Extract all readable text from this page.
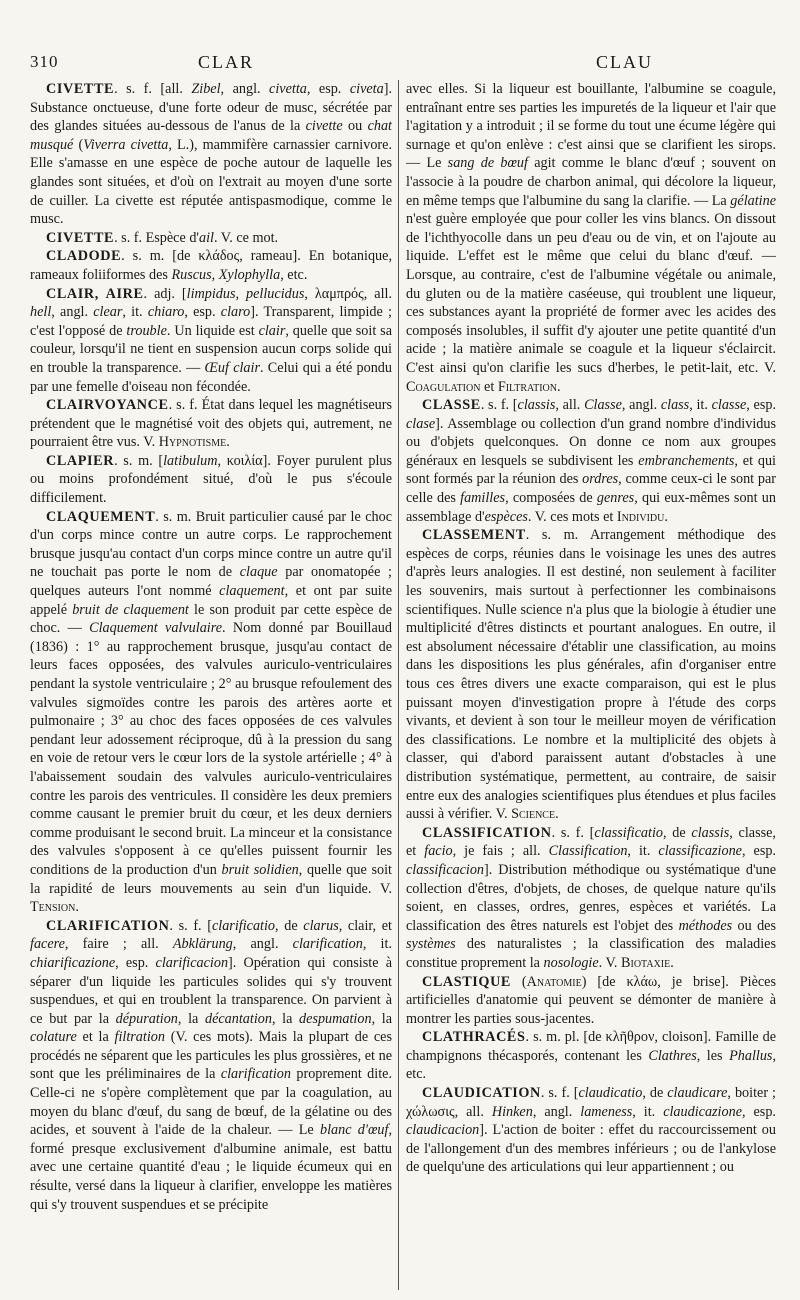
310	CLAR	CLAU

CIVETTE. s. f. [all. Zibel, angl. civetta, esp. civeta]. Substance onctueuse, d'une forte odeur de musc, sécrétée par des glandes situées au-dessous de l'anus de la civette ou chat musqué (Viverra civetta, L.), mammifère carnassier carnivore. Elle s'amasse en une espèce de poche autour de laquelle les glandes sont situées, et d'où on l'extrait au moyen d'une sorte de cuiller. La civette est réputée antispasmodique, comme le musc.

CIVETTE. s. f. Espèce d'ail. V. ce mot.

CLADODE. s. m. [de κλάδος, rameau]. En botanique, rameaux foliiformes des Ruscus, Xylophylla, etc.

CLAIR, AIRE. adj. [limpidus, pellucidus, λαμπρός, all. hell, angl. clear, it. chiaro, esp. claro]. Transparent, limpide ; c'est l'opposé de trouble. Un liquide est clair, quelle que soit sa couleur, lorsqu'il ne tient en suspension aucun corps solide qui en trouble la transparence. — Œuf clair. Celui qui a été pondu par une femelle d'oiseau non fécondée.

CLAIRVOYANCE. s. f. État dans lequel les magnétiseurs prétendent que le magnétisé voit des objets qui, autrement, ne pourraient être vus. V. Hypnotisme.

CLAPIER. s. m. [latibulum, κοιλία]. Foyer purulent plus ou moins profondément situé, d'où le pus s'écoule difficilement.

CLAQUEMENT. s. m. Bruit particulier causé par le choc d'un corps mince contre un autre corps. Le rapprochement brusque jusqu'au contact d'un corps mince contre un autre qu'il ne touchait pas porte le nom de claque par onomatopée ; quelques auteurs l'ont nommé claquement, et ont par suite appelé bruit de claquement le son produit par cette espèce de choc. — Claquement valvulaire. Nom donné par Bouillaud (1836) : 1° au rapprochement brusque, jusqu'au contact de leurs faces opposées, des valvules auriculo-ventriculaires pendant la systole ventriculaire ; 2° au brusque refoulement des valvules sigmoïdes contre les parois des artères aorte et pulmonaire ; 3° au choc des faces opposées de ces valvules pendant leur adossement réciproque, dû à la pression du sang en voie de retour vers le cœur lors de la systole artérielle ; 4° à l'abaissement soudain des valvules auriculo-ventriculaires contre les parois des ventricules. Il considère les deux premiers comme causant le premier bruit du cœur, et les deux derniers comme produisant le second bruit. La minceur et la consistance des valvules s'opposent à ce qu'elles puissent fournir les conditions de la production d'un bruit solidien, quelle que soit la rapidité de leurs mouvements au sein d'un liquide. V. Tension.

CLARIFICATION. s. f. [clarificatio, de clarus, clair, et facere, faire ; all. Abklärung, angl. clarification, it. chiarificazione, esp. clarificacion]. Opération qui consiste à séparer d'un liquide les particules solides qui s'y trouvent suspendues, et qui en troublent la transparence. On parvient à ce but par la dépuration, la décantation, la despumation, la colature et la filtration (V. ces mots). Mais la plupart de ces procédés ne séparent que les particules les plus grossières, et ne sont que les préliminaires de la clarification proprement dite. Celle-ci ne s'opère complètement que par la coagulation, au moyen du blanc d'œuf, du sang de bœuf, de la gélatine ou des acides, et souvent à l'aide de la chaleur. — Le blanc d'œuf, formé presque exclusivement d'albumine animale, est battu avec une certaine quantité d'eau ; le liquide écumeux qui en résulte, versé dans la liqueur à clarifier, enveloppe les matières qui s'y trouvent suspendues et se précipite

avec elles. Si la liqueur est bouillante, l'albumine se coagule, entraînant entre ses parties les impuretés de la liqueur et l'air que l'agitation y a introduit ; il se forme du tout une écume légère qui surnage et qu'on enlève : c'est ainsi que se clarifient les sirops. — Le sang de bœuf agit comme le blanc d'œuf ; souvent on l'associe à la poudre de charbon animal, qui décolore la liqueur, en même temps que l'albumine du sang la clarifie. — La gélatine n'est guère employée que pour coller les vins blancs. On dissout de l'ichthyocolle dans un peu d'eau ou de vin, et on l'ajoute au liquide. L'effet est le même que celui du blanc d'œuf. — Lorsque, au contraire, c'est de l'albumine végétale ou animale, du gluten ou de la matière caséeuse, qui troublent une liqueur, ces substances ayant la propriété de former avec les acides des composés insolubles, il suffit d'y ajouter une petite quantité d'un acide ; la matière animale se coagule et la liqueur s'éclaircit. C'est ainsi qu'on clarifie les sucs d'herbes, le petit-lait, etc. V. Coagulation et Filtration.

CLASSE. s. f. [classis, all. Classe, angl. class, it. classe, esp. clase]. Assemblage ou collection d'un grand nombre d'individus ou d'objets quelconques. On donne ce nom aux groupes généraux en lesquels se subdivisent les embranchements, et qui sont formés par la réunion des ordres, comme ceux-ci le sont par celle des familles, composées de genres, qui eux-mêmes sont un assemblage d'espèces. V. ces mots et Individu.

CLASSEMENT. s. m. Arrangement méthodique des espèces de corps, réunies dans le voisinage les unes des autres d'après leurs analogies. Il est destiné, non seulement à faciliter les souvenirs, mais surtout à perfectionner les combinaisons scientifiques. Nulle science n'a plus que la biologie à étudier une multiplicité d'êtres distincts et pourtant analogues. En outre, il est absolument nécessaire d'établir une classification, au moins dans les dispositions les plus générales, afin d'organiser entre tous ces êtres divers une exacte comparaison, qui est le plus puissant moyen d'investigation propre à l'étude des corps vivants, et devient à son tour le meilleur moyen de vérification des classifications. Le nombre et la multiplicité des objets à classer, qui d'abord paraissent autant d'obstacles à une distribution systématique, permettent, au contraire, de saisir entre eux des analogies scientifiques plus étendues et plus faciles aussi à vérifier. V. Science.

CLASSIFICATION. s. f. [classificatio, de classis, classe, et facio, je fais ; all. Classification, it. classificazione, esp. classificacion]. Distribution méthodique ou systématique d'une collection d'êtres, d'objets, de choses, de quelque nature qu'ils soient, en classes, ordres, genres, espèces et variétés. La classification des êtres naturels est l'objet des méthodes ou des systèmes des naturalistes ; la classification des maladies constitue proprement la nosologie. V. Biotaxie.

CLASTIQUE (Anatomie) [de κλάω, je brise]. Pièces artificielles d'anatomie qui peuvent se démonter de manière à montrer les parties sous-jacentes.

CLATHRACÉS. s. m. pl. [de κλῆθρον, cloison]. Famille de champignons thécasporés, contenant les Clathres, les Phallus, etc.

CLAUDICATION. s. f. [claudicatio, de claudicare, boiter ; χώλωσις, all. Hinken, angl. lameness, it. claudicazione, esp. claudicacion]. L'action de boiter : effet du raccourcissement ou de l'allongement d'un des membres inférieurs ; ou de l'ankylose de quelqu'une des articulations qui leur appartiennent ; ou
